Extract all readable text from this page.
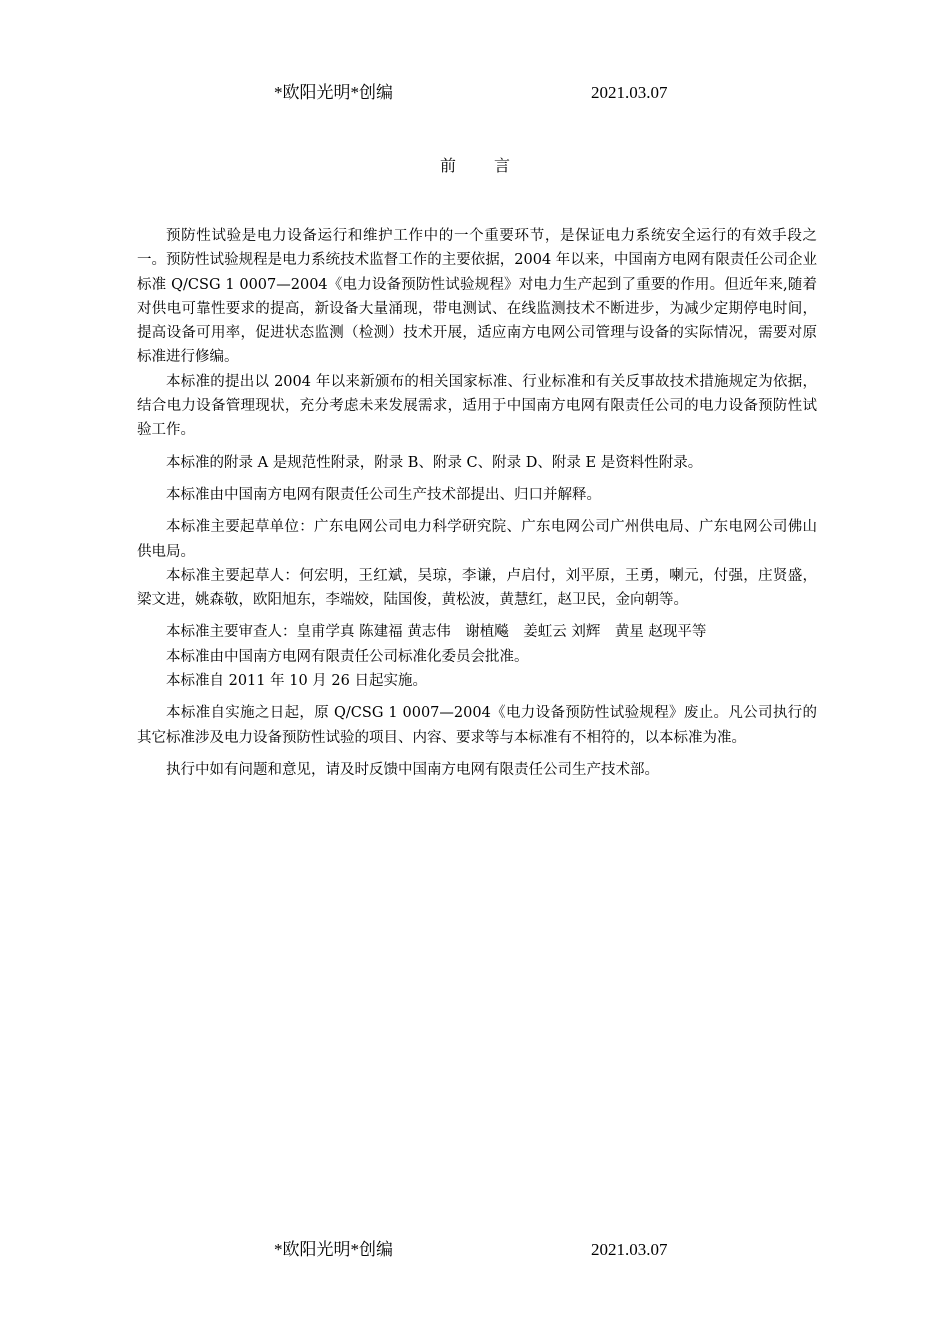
*欧阳光明*创编	2021.03.07
前言

预防性试验是电力设备运行和维护工作中的一个重要环节，是保证电力系统安全运行的有效手段之一。预防性试验规程是电力系统技术监督工作的主要依据，2004 年以来，中国南方电网有限责任公司企业标准 Q/CSG 1 0007—2004《电力设备预防性试验规程》对电力生产起到了重要的作用。但近年来,随着对供电可靠性要求的提高，新设备大量涌现，带电测试、在线监测技术不断进步，为减少定期停电时间，提高设备可用率，促进状态监测（检测）技术开展，适应南方电网公司管理与设备的实际情况，需要对原标准进行修编。

本标准的提出以 2004 年以来新颁布的相关国家标准、行业标准和有关反事故技术措施规定为依据，结合电力设备管理现状，充分考虑未来发展需求，适用于中国南方电网有限责任公司的电力设备预防性试验工作。

本标准的附录 A 是规范性附录，附录 B、附录 C、附录 D、附录 E 是资料性附录。

本标准由中国南方电网有限责任公司生产技术部提出、归口并解释。

本标准主要起草单位：广东电网公司电力科学研究院、广东电网公司广州供电局、广东电网公司佛山供电局。

本标准主要起草人：何宏明，王红斌，吴琼，李谦，卢启付，刘平原，王勇，喇元，付强，庄贤盛，梁文进，姚森敬，欧阳旭东，李端姣，陆国俊，黄松波，黄慧红，赵卫民，金向朝等。

本标准主要审查人：皇甫学真 陈建福 黄志伟　谢植飚　姜虹云 刘辉　黄星 赵现平等

本标准由中国南方电网有限责任公司标准化委员会批准。

本标准自 2011 年 10 月 26 日起实施。

本标准自实施之日起，原 Q/CSG 1 0007—2004《电力设备预防性试验规程》废止。凡公司执行的其它标准涉及电力设备预防性试验的项目、内容、要求等与本标准有不相符的，以本标准为准。

执行中如有问题和意见，请及时反馈中国南方电网有限责任公司生产技术部。

*欧阳光明*创编	2021.03.07
